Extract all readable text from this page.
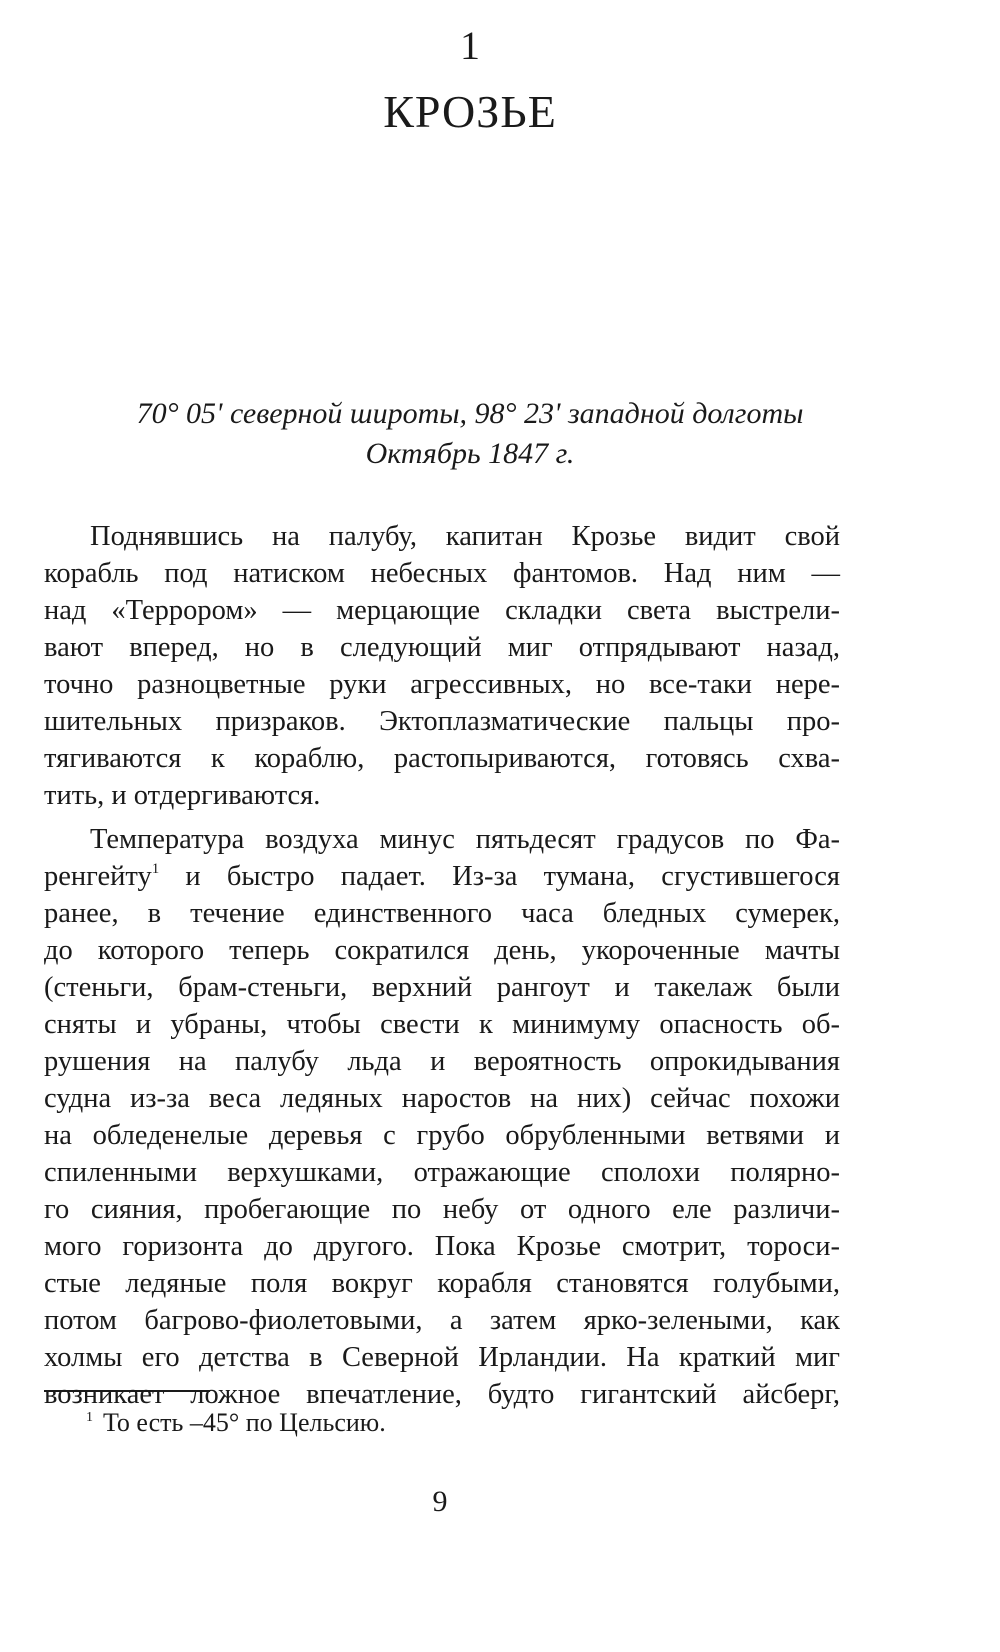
1
КРОЗЬЕ
70° 05' северной широты, 98° 23' западной долготы
Октябрь 1847 г.
Поднявшись на палубу, капитан Крозье видит свой
корабль под натиском небесных фантомов. Над ним —
над «Террором» — мерцающие складки света выстрели-
вают вперед, но в следующий миг отпрядывают назад,
точно разноцветные руки агрессивных, но все-таки нере-
шительных призраков. Эктоплазматические пальцы про-
тягиваются к кораблю, растопыриваются, готовясь схва-
тить, и отдергиваются.
Температура воздуха минус пятьдесят градусов по Фа-
ренгейту$^1$ и быстро падает. Из-за тумана, сгустившегося
ранее, в течение единственного часа бледных сумерек,
до которого теперь сократился день, укороченные мачты
(стеньги, брам-стеньги, верхний рангоут и такелаж были
сняты и убраны, чтобы свести к минимуму опасность об-
рушения на палубу льда и вероятность опрокидывания
судна из-за веса ледяных наростов на них) сейчас похожи
на обледенелые деревья с грубо обрубленными ветвями и
спиленными верхушками, отражающие сполохи полярно-
го сияния, пробегающие по небу от одного еле различи-
мого горизонта до другого. Пока Крозье смотрит, тороси-
стые ледяные поля вокруг корабля становятся голубыми,
потом багрово-фиолетовыми, а затем ярко-зелеными, как
холмы его детства в Северной Ирландии. На краткий миг
возникает ложное впечатление, будто гигантский айсберг,
$^1$ То есть –45° по Цельсию.
9
